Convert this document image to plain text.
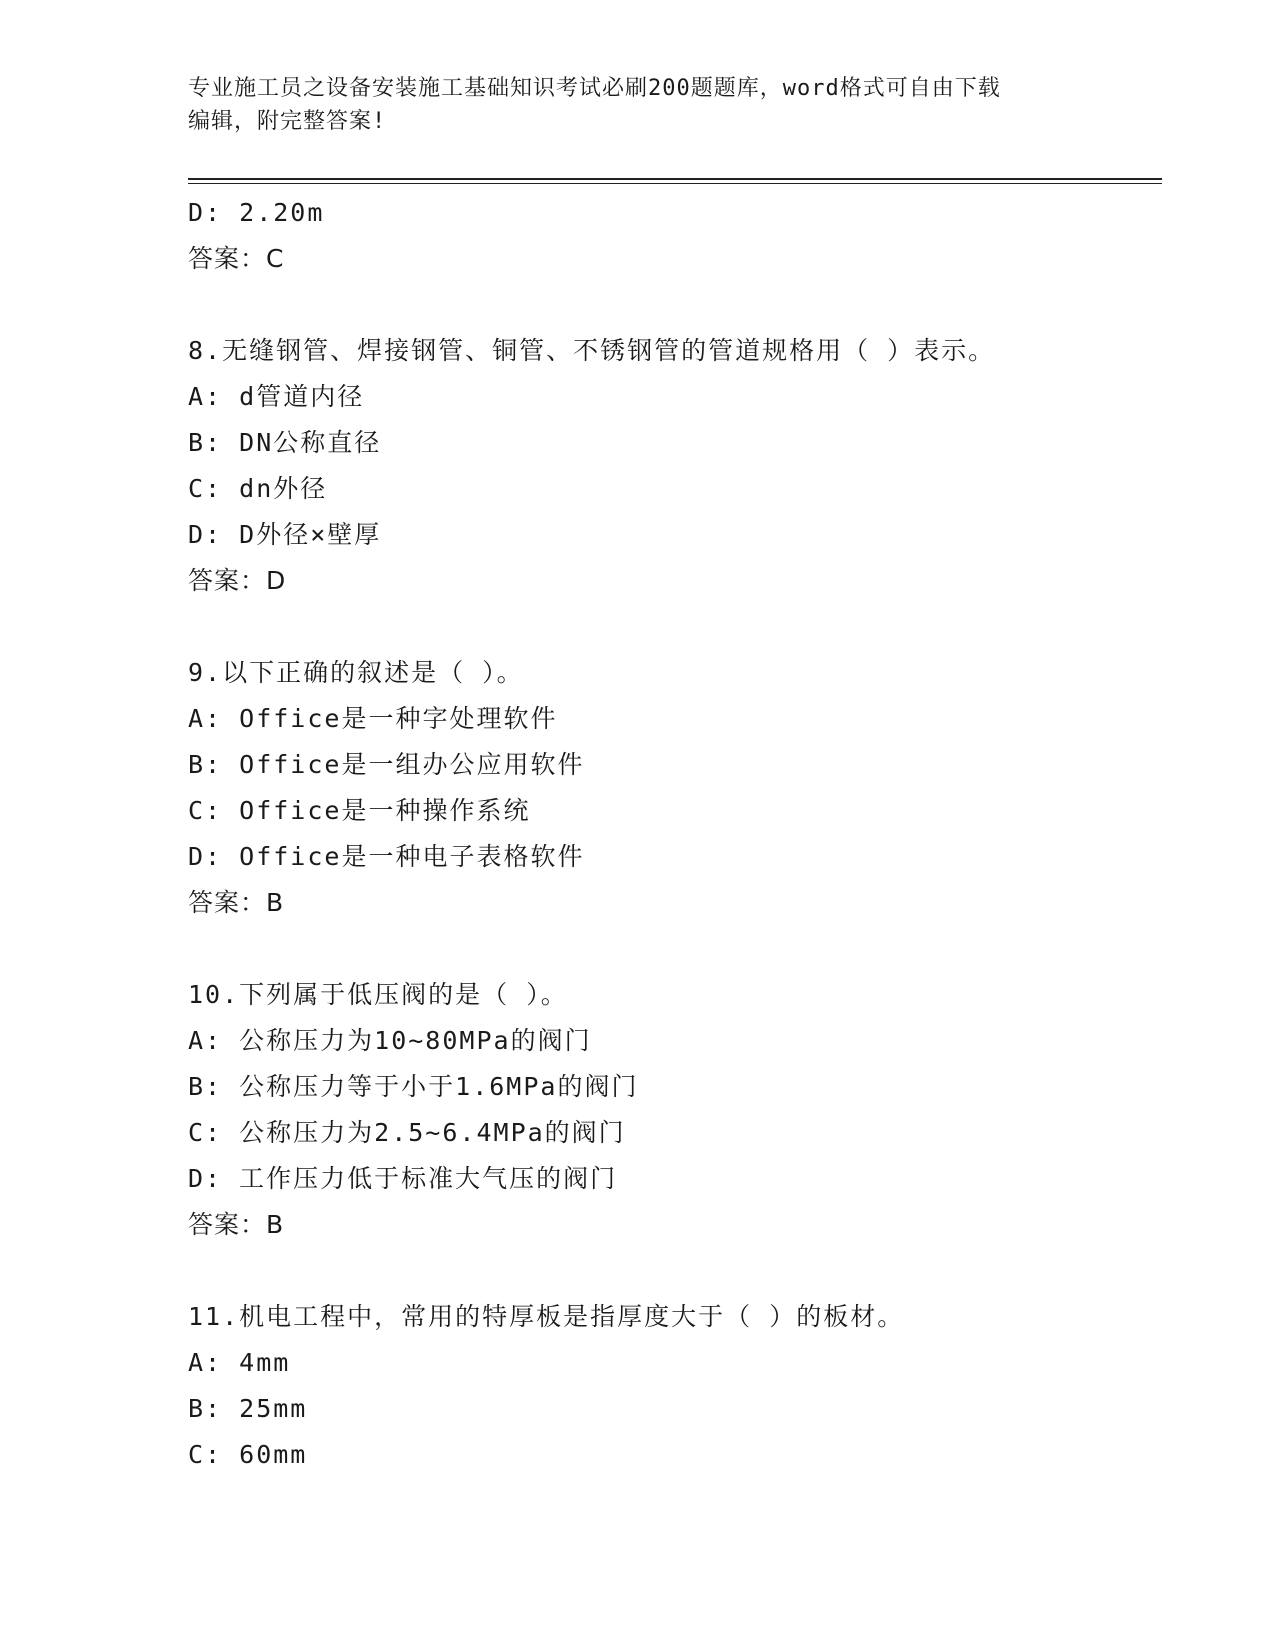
专业施工员之设备安装施工基础知识考试必刷200题题库，word格式可自由下载
编辑，附完整答案!
D: 2.20m
答案：C
8.无缝钢管、焊接钢管、铜管、不锈钢管的管道规格用（ ）表示。
A: d管道内径
B: DN公称直径
C: dn外径
D: D外径×壁厚
答案：D
9.以下正确的叙述是（ ）。
A: Office是一种字处理软件
B: Office是一组办公应用软件
C: Office是一种操作系统
D: Office是一种电子表格软件
答案：B
10.下列属于低压阀的是（ ）。
A: 公称压力为10~80MPa的阀门
B: 公称压力等于小于1.6MPa的阀门
C: 公称压力为2.5~6.4MPa的阀门
D: 工作压力低于标准大气压的阀门
答案：B
11.机电工程中，常用的特厚板是指厚度大于（ ）的板材。
A: 4mm
B: 25mm
C: 60mm
